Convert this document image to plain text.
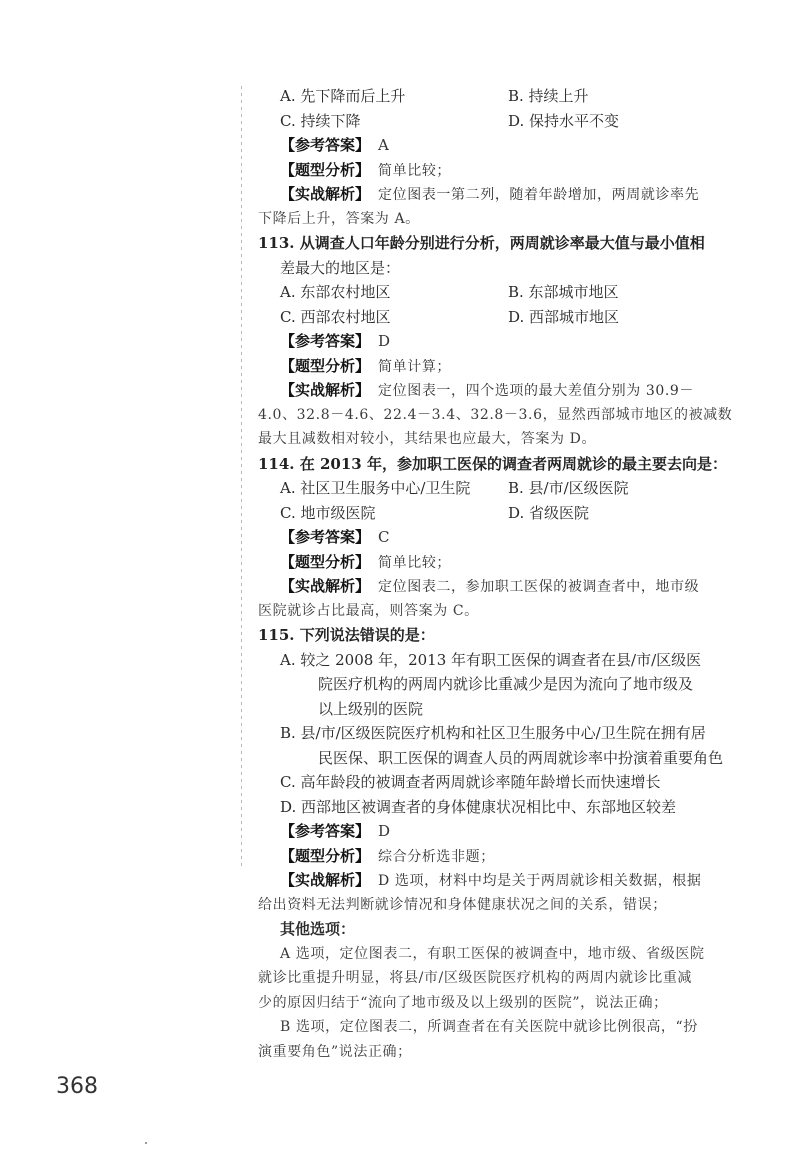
A. 先下降而后上升	B. 持续上升
C. 持续下降	D. 保持水平不变
【参考答案】 A
【题型分析】 简单比较；
【实战解析】 定位图表一第二列，随着年龄增加，两周就诊率先
下降后上升，答案为 A。
113. 从调查人口年龄分别进行分析，两周就诊率最大值与最小值相
差最大的地区是：
A. 东部农村地区	B. 东部城市地区
C. 西部农村地区	D. 西部城市地区
【参考答案】 D
【题型分析】 简单计算；
【实战解析】 定位图表一，四个选项的最大差值分别为 30.9－
4.0、32.8－4.6、22.4－3.4、32.8－3.6，显然西部城市地区的被减数
最大且减数相对较小，其结果也应最大，答案为 D。
114. 在 2013 年，参加职工医保的调查者两周就诊的最主要去向是：
A. 社区卫生服务中心/卫生院	B. 县/市/区级医院
C. 地市级医院	D. 省级医院
【参考答案】 C
【题型分析】 简单比较；
【实战解析】 定位图表二，参加职工医保的被调查者中，地市级
医院就诊占比最高，则答案为 C。
115. 下列说法错误的是：
A. 较之 2008 年，2013 年有职工医保的调查者在县/市/区级医
院医疗机构的两周内就诊比重减少是因为流向了地市级及
以上级别的医院
B. 县/市/区级医院医疗机构和社区卫生服务中心/卫生院在拥有居
民医保、职工医保的调查人员的两周就诊率中扮演着重要角色
C. 高年龄段的被调查者两周就诊率随年龄增长而快速增长
D. 西部地区被调查者的身体健康状况相比中、东部地区较差
【参考答案】 D
【题型分析】 综合分析选非题；
【实战解析】 D 选项，材料中均是关于两周就诊相关数据，根据
给出资料无法判断就诊情况和身体健康状况之间的关系，错误；
其他选项：
A 选项，定位图表二，有职工医保的被调查中，地市级、省级医院
就诊比重提升明显，将县/市/区级医院医疗机构的两周内就诊比重减
少的原因归结于“流向了地市级及以上级别的医院”，说法正确；
B 选项，定位图表二，所调查者在有关医院中就诊比例很高，“扮
演重要角色”说法正确；
368
